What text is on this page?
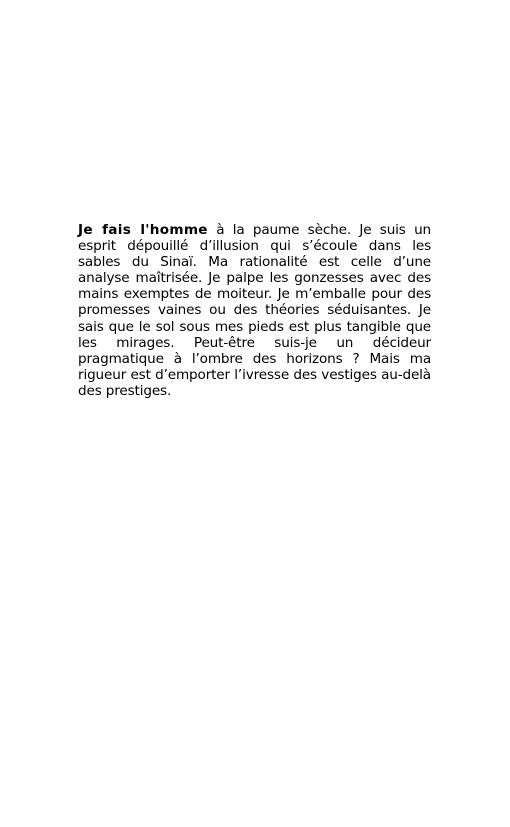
Je fais l'homme à la paume sèche. Je suis un esprit dépouillé d’illusion qui s’écoule dans les sables du Sinaï. Ma rationalité est celle d’une analyse maîtrisée. Je palpe les gonzesses avec des mains exemptes de moiteur. Je m’emballe pour des promesses vaines ou des théories séduisantes. Je sais que le sol sous mes pieds est plus tangible que les mirages. Peut-être suis-je un décideur pragmatique à l’ombre des horizons ? Mais ma rigueur est d’emporter l’ivresse des vestiges au-delà des prestiges.
